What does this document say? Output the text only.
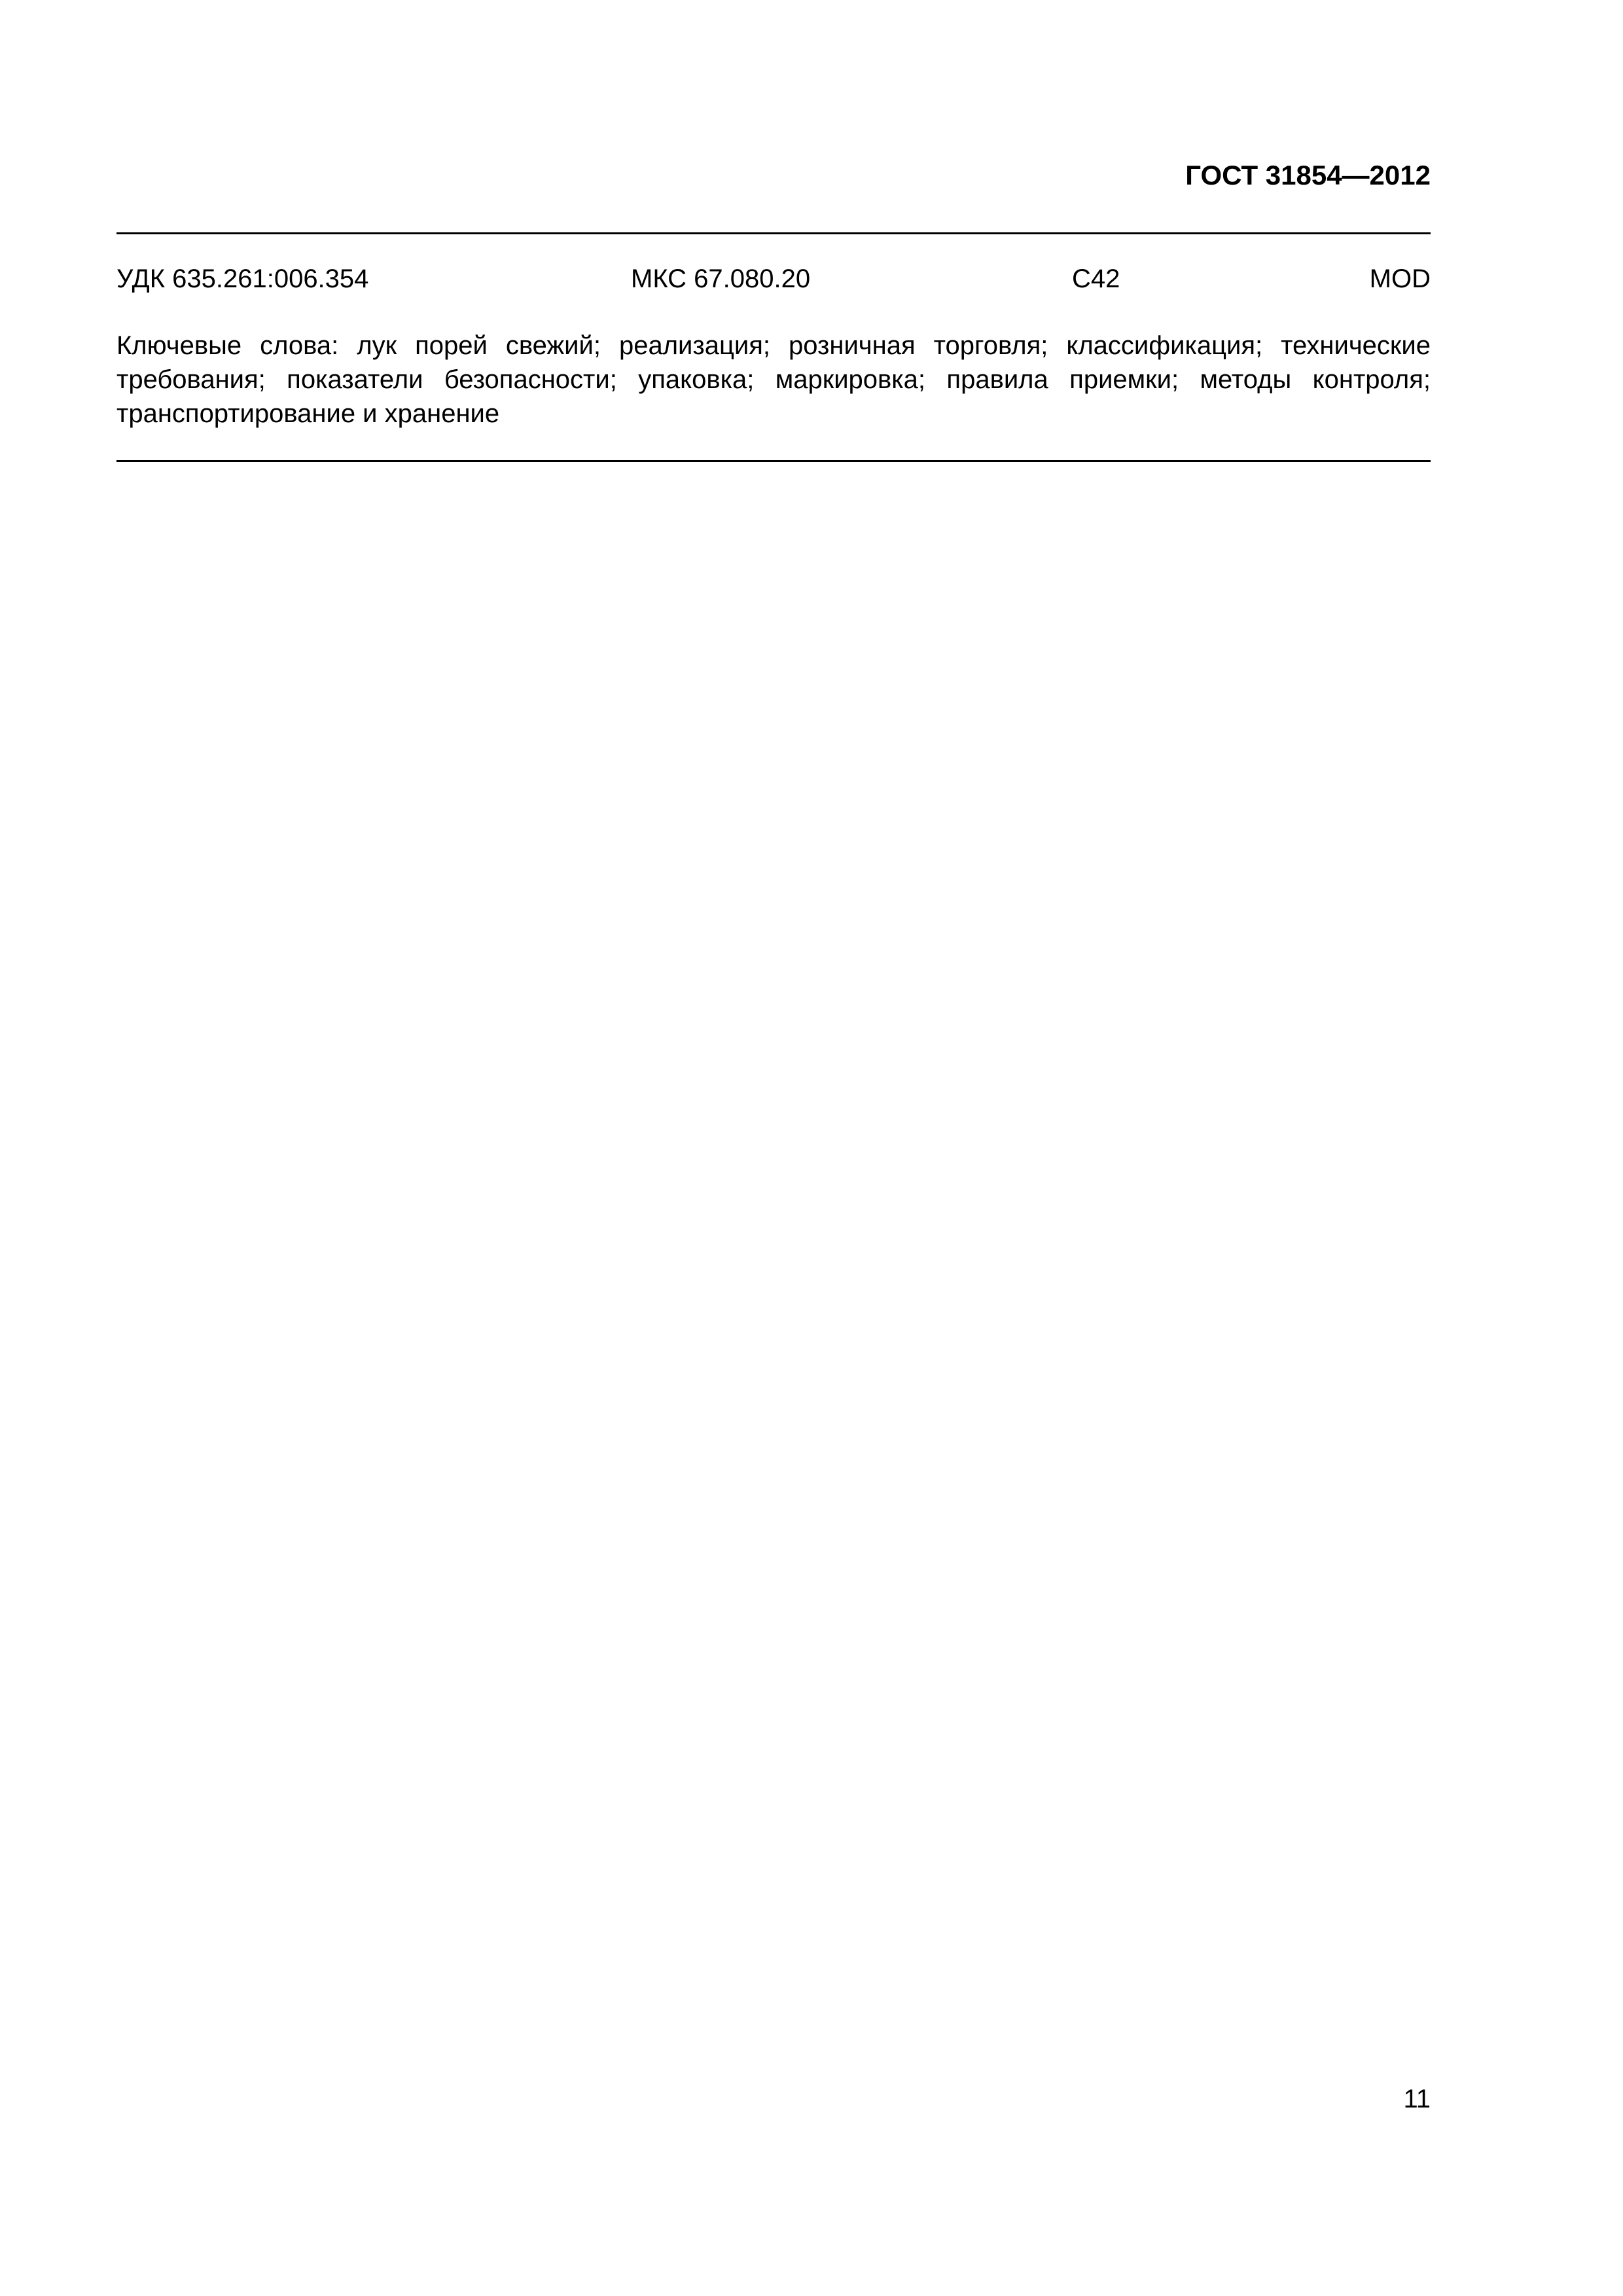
ГОСТ 31854—2012
УДК 635.261:006.354	МКС 67.080.20	С42	MOD
Ключевые слова: лук порей свежий; реализация; розничная торговля; классификация; технические требования; показатели безопасности; упаковка; маркировка; правила приемки; методы контроля; транспортирование и хранение
11
